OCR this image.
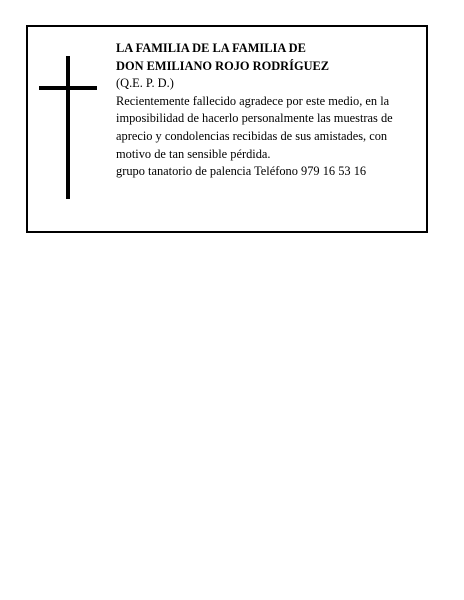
LA FAMILIA DE LA FAMILIA DE

DON EMILIANO ROJO RODRÍGUEZ

(Q.E. P. D.)

Recientemente fallecido agradece por este medio, en la imposibilidad de hacerlo personalmente las muestras de aprecio y condolencias recibidas de sus amistades, con motivo de tan sensible pérdida.

grupo tanatorio de palencia Teléfono 979 16 53 16
